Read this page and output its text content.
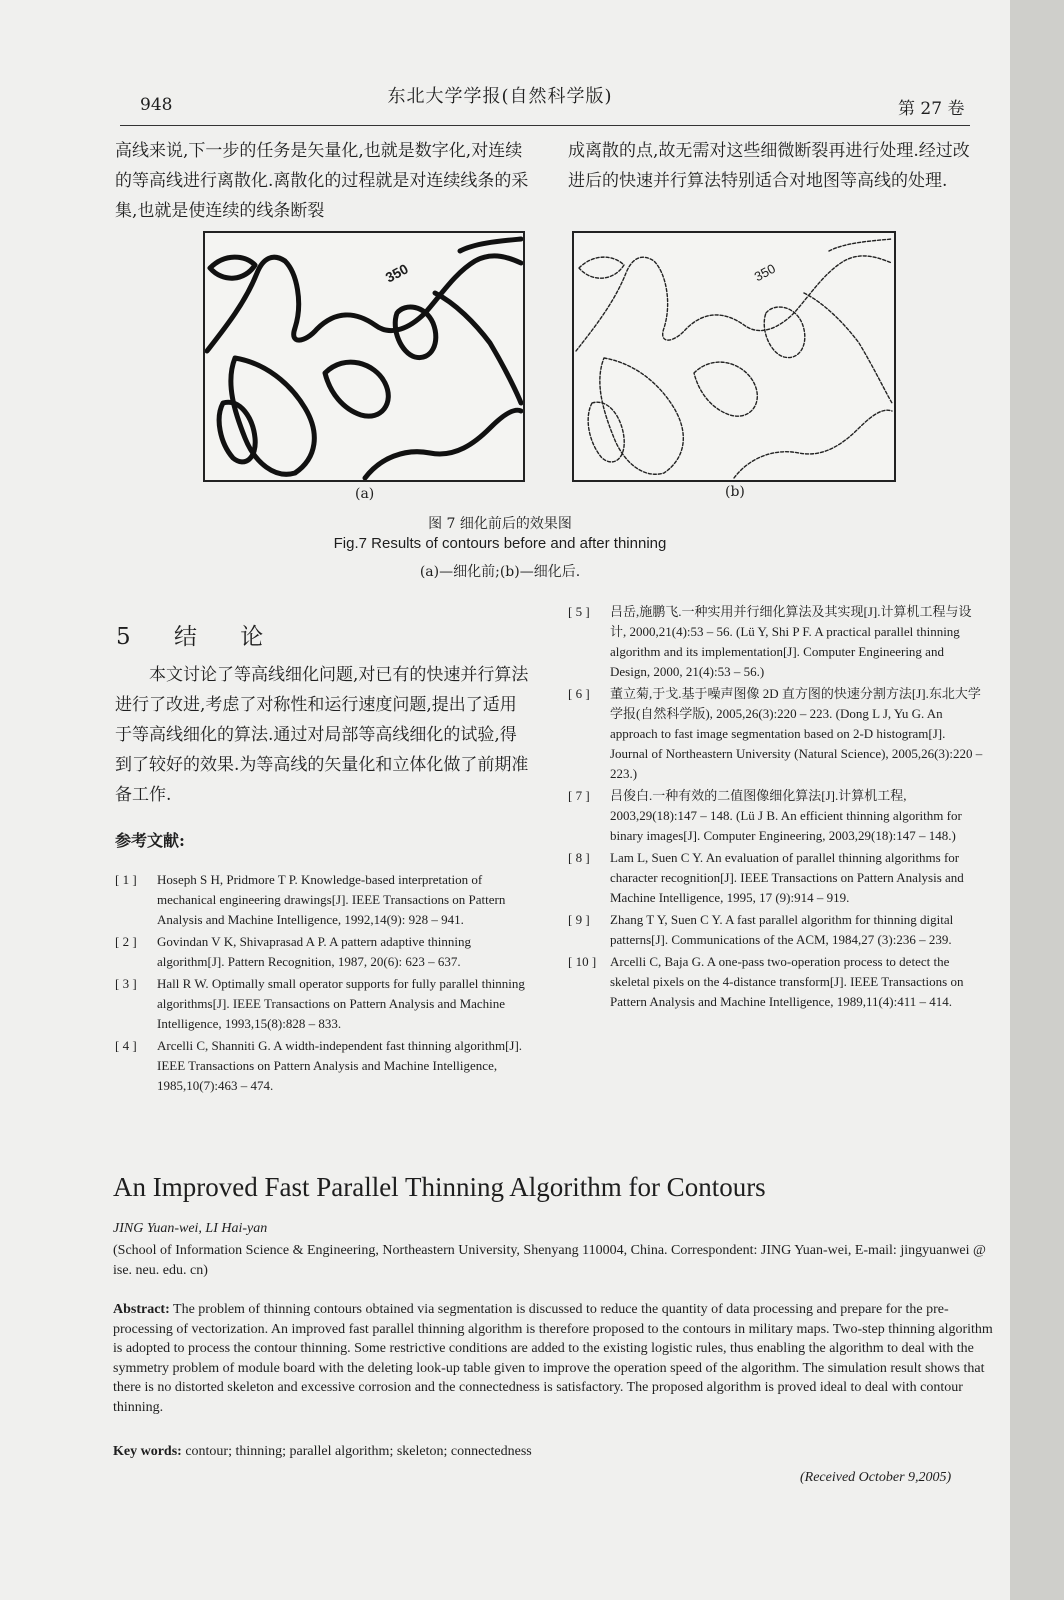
948	东北大学学报(自然科学版)
第 27 卷
高线来说,下一步的任务是矢量化,也就是数字化,对连续的等高线进行离散化.离散化的过程就是对连续线条的采集,也就是使连续的线条断裂
成离散的点,故无需对这些细微断裂再进行处理.经过改进后的快速并行算法特别适合对地图等高线的处理.
350	350
(a)	(b)
图 7 细化前后的效果图
Fig.7 Results of contours before and after thinning
(a)—细化前;(b)—细化后.
5 结 论
本文讨论了等高线细化问题,对已有的快速并行算法进行了改进,考虑了对称性和运行速度问题,提出了适用于等高线细化的算法.通过对局部等高线细化的试验,得到了较好的效果.为等高线的矢量化和立体化做了前期准备工作.
参考文献:
[ 1 ]	Hoseph S H, Pridmore T P. Knowledge-based interpretation of mechanical engineering drawings[J]. IEEE Transactions on Pattern Analysis and Machine Intelligence, 1992,14(9): 928 – 941.
[ 2 ]	Govindan V K, Shivaprasad A P. A pattern adaptive thinning algorithm[J]. Pattern Recognition, 1987, 20(6): 623 – 637.
[ 3 ]	Hall R W. Optimally small operator supports for fully parallel thinning algorithms[J]. IEEE Transactions on Pattern Analysis and Machine Intelligence, 1993,15(8):828 – 833.
[ 4 ]	Arcelli C, Shanniti G. A width-independent fast thinning algorithm[J]. IEEE Transactions on Pattern Analysis and Machine Intelligence, 1985,10(7):463 – 474.
[ 5 ]	吕岳,施鹏飞.一种实用并行细化算法及其实现[J].计算机工程与设计, 2000,21(4):53 – 56. (Lü Y, Shi P F. A practical parallel thinning algorithm and its implementation[J]. Computer Engineering and Design, 2000, 21(4):53 – 56.)
[ 6 ]	董立菊,于戈.基于噪声图像 2D 直方图的快速分割方法[J].东北大学学报(自然科学版), 2005,26(3):220 – 223. (Dong L J, Yu G. An approach to fast image segmentation based on 2-D histogram[J]. Journal of Northeastern University (Natural Science), 2005,26(3):220 – 223.)
[ 7 ]	吕俊白.一种有效的二值图像细化算法[J].计算机工程, 2003,29(18):147 – 148. (Lü J B. An efficient thinning algorithm for binary images[J]. Computer Engineering, 2003,29(18):147 – 148.)
[ 8 ]	Lam L, Suen C Y. An evaluation of parallel thinning algorithms for character recognition[J]. IEEE Transactions on Pattern Analysis and Machine Intelligence, 1995, 17 (9):914 – 919.
[ 9 ]	Zhang T Y, Suen C Y. A fast parallel algorithm for thinning digital patterns[J]. Communications of the ACM, 1984,27 (3):236 – 239.
[ 10 ]	Arcelli C, Baja G. A one-pass two-operation process to detect the skeletal pixels on the 4-distance transform[J]. IEEE Transactions on Pattern Analysis and Machine Intelligence, 1989,11(4):411 – 414.
An Improved Fast Parallel Thinning Algorithm for Contours
JING Yuan-wei, LI Hai-yan
(School of Information Science & Engineering, Northeastern University, Shenyang 110004, China. Correspondent: JING Yuan-wei, E-mail: jingyuanwei @ ise. neu. edu. cn)
Abstract: The problem of thinning contours obtained via segmentation is discussed to reduce the quantity of data processing and prepare for the pre-processing of vectorization. An improved fast parallel thinning algorithm is therefore proposed to the contours in military maps. Two-step thinning algorithm is adopted to process the contour thinning. Some restrictive conditions are added to the existing logistic rules, thus enabling the algorithm to deal with the symmetry problem of module board with the deleting look-up table given to improve the operation speed of the algorithm. The simulation result shows that there is no distorted skeleton and excessive corrosion and the connectedness is satisfactory. The proposed algorithm is proved ideal to deal with contour thinning.
Key words: contour; thinning; parallel algorithm; skeleton; connectedness
(Received October 9,2005)
